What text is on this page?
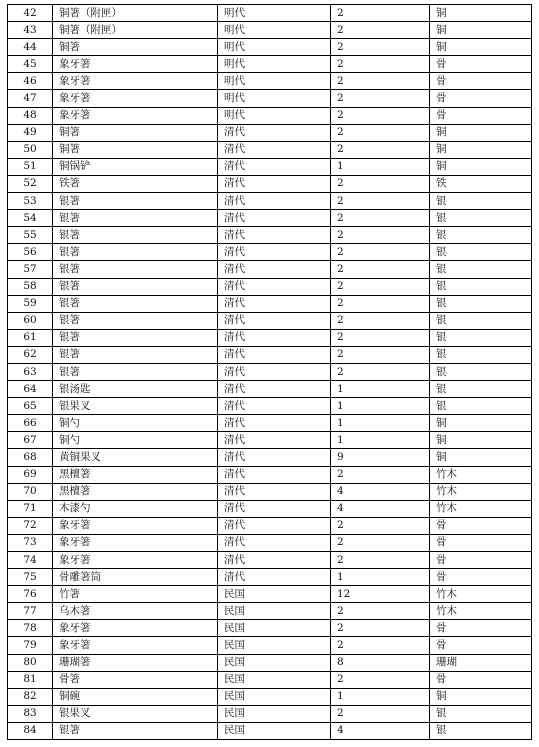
42	铜箸（附匣）	明代	2	铜
43	铜箸（附匣）	明代	2	铜
44	铜箸	明代	2	铜
45	象牙箸	明代	2	骨
46	象牙箸	明代	2	骨
47	象牙箸	明代	2	骨
48	象牙箸	明代	2	骨
49	铜箸	清代	2	铜
50	铜箸	清代	2	铜
51	铜锅铲	清代	1	铜
52	铁箸	清代	2	铁
53	银箸	清代	2	银
54	银箸	清代	2	银
55	银箸	清代	2	银
56	银箸	清代	2	银
57	银箸	清代	2	银
58	银箸	清代	2	银
59	银箸	清代	2	银
60	银箸	清代	2	银
61	银箸	清代	2	银
62	银箸	清代	2	银
63	银箸	清代	2	银
64	银汤匙	清代	1	银
65	银果叉	清代	1	银
66	铜勺	清代	1	铜
67	铜勺	清代	1	铜
68	黄铜果叉	清代	9	铜
69	黑檀箸	清代	2	竹木
70	黑檀箸	清代	4	竹木
71	木漆勺	清代	4	竹木
72	象牙箸	清代	2	骨
73	象牙箸	清代	2	骨
74	象牙箸	清代	2	骨
75	骨雕箸筒	清代	1	骨
76	竹箸	民国	12	竹木
77	乌木箸	民国	2	竹木
78	象牙箸	民国	2	骨
79	象牙箸	民国	2	骨
80	珊瑚箸	民国	8	珊瑚
81	骨箸	民国	2	骨
82	铜碗	民国	1	铜
83	银果叉	民国	2	银
84	银箸	民国	4	银
